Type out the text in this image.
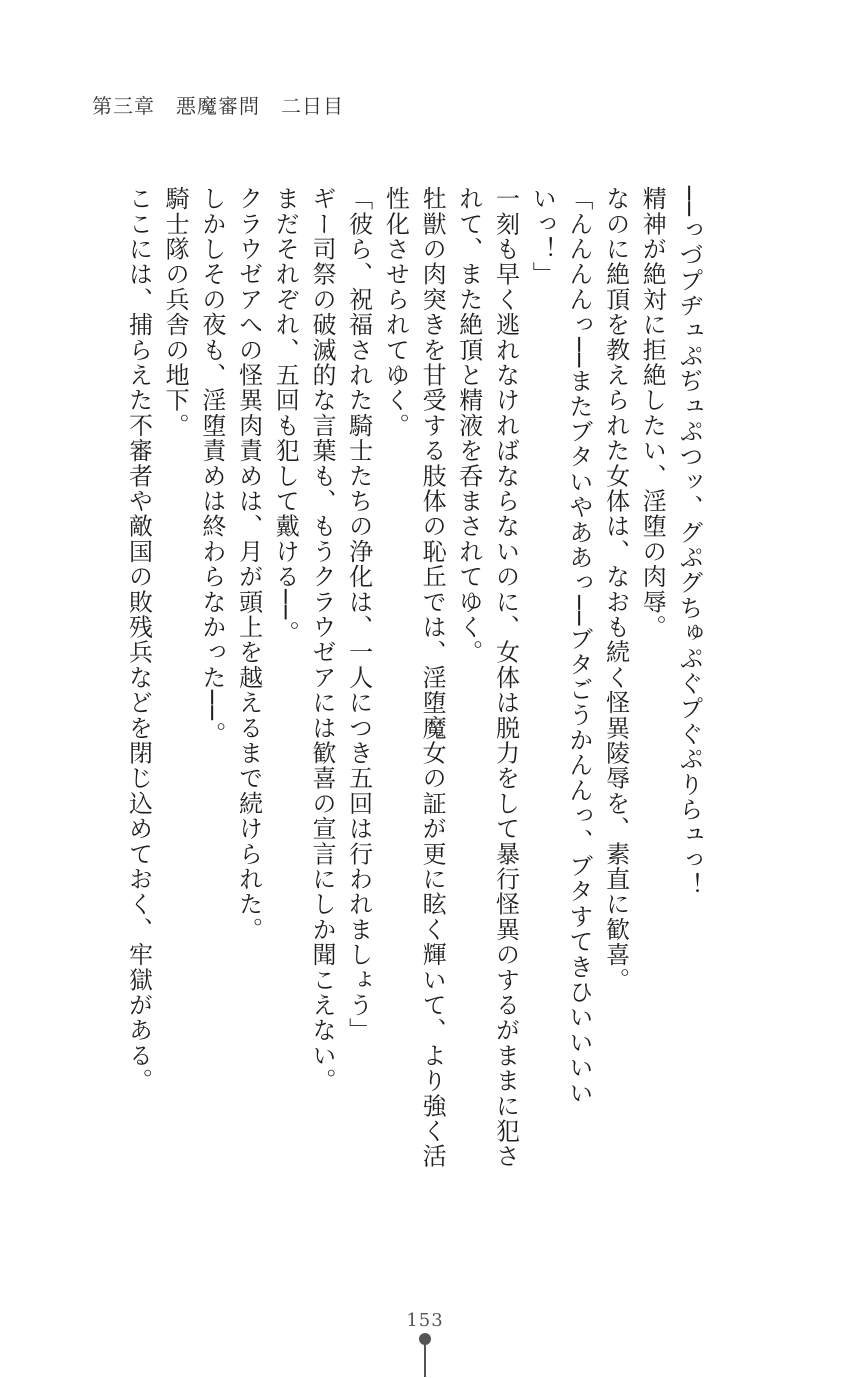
第三章　悪魔審問　二日目
──っづプヂュぷぢュぷつッ、グぷグちゅぷぐプぐぷりらュっ！
精神が絶対に拒絶したい、淫堕の肉辱。
なのに絶頂を教えられた女体は、なおも続く怪異陵辱を、素直に歓喜。
「んんんんっ──またブタいやああっ──ブタごうかんんっ、ブタすてきひいいいい
いっ！」
一刻も早く逃れなければならないのに、女体は脱力をして暴行怪異のするがままに犯さ
れて、また絶頂と精液を呑まされてゆく。
牡獣の肉突きを甘受する肢体の恥丘では、淫堕魔女の証が更に眩く輝いて、より強く活
性化させられてゆく。
「彼ら、祝福された騎士たちの浄化は、一人につき五回は行われましょう」
ギー司祭の破滅的な言葉も、もうクラウゼアには歓喜の宣言にしか聞こえない。
まだそれぞれ、五回も犯して戴ける──。
クラウゼアへの怪異肉責めは、月が頭上を越えるまで続けられた。
しかしその夜も、淫堕責めは終わらなかった──。
騎士隊の兵舎の地下。
ここには、捕らえた不審者や敵国の敗残兵などを閉じ込めておく、牢獄がある。
153
